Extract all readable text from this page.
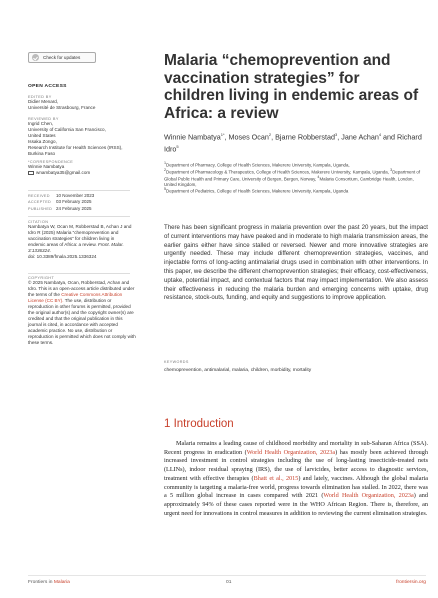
Check for updates
OPEN ACCESS
EDITED BY
Didier Menard,
Université de Strasbourg, France
REVIEWED BY
Ingrid Chen,
University of California San Francisco,
United States
Issaka Zongo,
Research Institute for Health Sciences (IRSS),
Burkina Faso
*CORRESPONDENCE
Winnie Nambatya
wnambatya35@gmail.com
RECEIVED 10 November 2023
ACCEPTED 03 February 2025
PUBLISHED 24 February 2025
CITATION
Nambatya W, Ocan M, Robberstad B, Achan J and Idro R (2025) Malaria “chemoprevention and vaccination strategies” for children living in endemic areas of Africa: a review. Front. Malar. 3:1336324.
doi: 10.3389/fmala.2025.1336324
COPYRIGHT
© 2025 Nambatya, Ocan, Robberstad, Achan and Idro. This is an open-access article distributed under the terms of the Creative Commons Attribution License (CC BY). The use, distribution or reproduction in other forums is permitted, provided the original author(s) and the copyright owner(s) are credited and that the original publication in this journal is cited, in accordance with accepted academic practice. No use, distribution or reproduction is permitted which does not comply with these terms.
Malaria “chemoprevention and vaccination strategies” for children living in endemic areas of Africa: a review
Winnie Nambatya$^{1*}$, Moses Ocan$^2$, Bjarne Robberstad$^3$, Jane Achan$^4$ and Richard Idro$^5$
$^1$Department of Pharmacy, College of Health Sciences, Makerere University, Kampala, Uganda,
$^2$Department of Pharmacology & Therapeutics, College of Health Sciences, Makerere University, Kampala, Uganda, $^3$Department of Global Public Health and Primary Care, University of Bergen, Bergen, Norway, $^4$Malaria Consortium, Cambridge Health, London, United Kingdom,
$^5$Department of Pediatrics, College of Health Sciences, Makerere University, Kampala, Uganda
There has been significant progress in malaria prevention over the past 20 years, but the impact of current interventions may have peaked and in moderate to high malaria transmission areas, the earlier gains either have since stalled or reversed. Newer and more innovative strategies are urgently needed. These may include different chemoprevention strategies, vaccines, and injectable forms of long-acting antimalarial drugs used in combination with other interventions. In this paper, we describe the different chemoprevention strategies; their efficacy, cost-effectiveness, uptake, potential impact, and contextual factors that may impact implementation. We also assess their effectiveness in reducing the malaria burden and emerging concerns with uptake, drug resistance, stock-outs, funding, and equity and suggestions to improve application.
KEYWORDS
chemoprevention, antimalarial, malaria, children, morbidity, mortality
1 Introduction
Malaria remains a leading cause of childhood morbidity and mortality in sub-Saharan Africa (SSA). Recent progress in eradication (World Health Organization, 2023a) has mostly been achieved through increased investment in control strategies including the use of long-lasting insecticide-treated nets (LLINs), indoor residual spraying (IRS), the use of larvicides, better access to diagnostic services, treatment with effective therapies (Bhatt et al., 2015) and lately, vaccines. Although the global malaria community is targeting a malaria-free world, progress towards elimination has stalled. In 2022, there was a 5 million global increase in cases compared with 2021 (World Health Organization, 2023a) and approximately 94% of these cases reported were in the WHO African Region. There is, therefore, an urgent need for innovations in control measures in addition to reviewing the current elimination strategies.
Frontiers in Malaria	01	frontiersin.org
